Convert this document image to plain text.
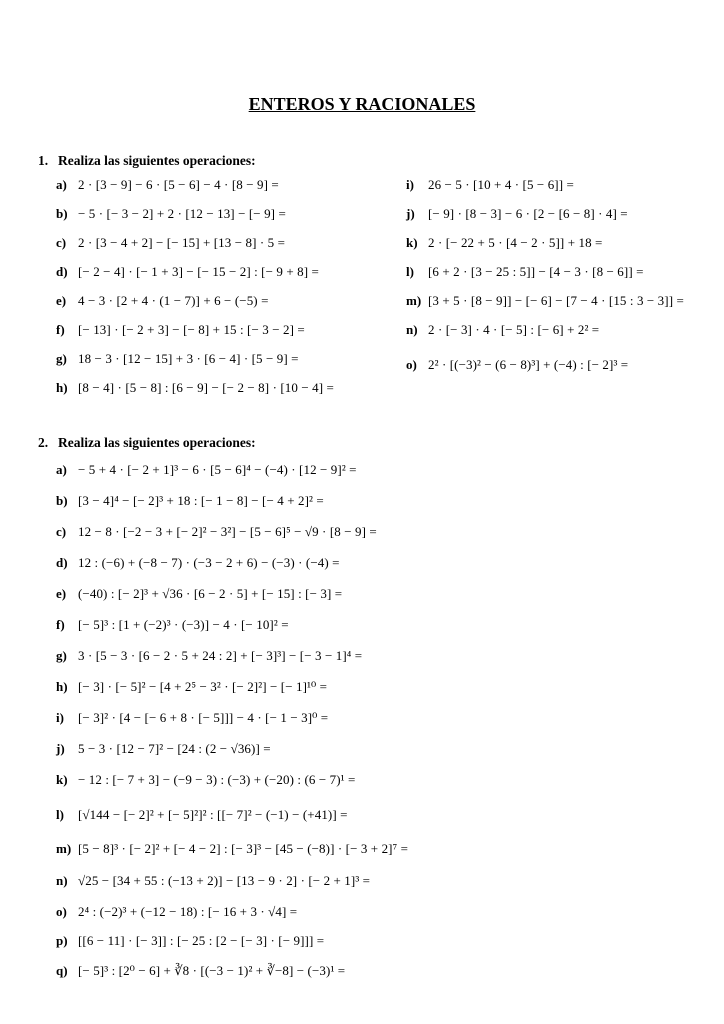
ENTEROS Y RACIONALES
1. Realiza las siguientes operaciones:
a) 2 · [3 − 9] − 6 · [5 − 6] − 4 · [8 − 9] =
b) − 5 · [− 3 − 2] + 2 · [12 − 13] − [− 9] =
c) 2 · [3 − 4 + 2] − [− 15] + [13 − 8] · 5 =
d) [− 2 − 4] · [− 1 + 3] − [− 15 − 2] : [− 9 + 8] =
e) 4 − 3 · [2 + 4 · (1 − 7)] + 6 − (−5) =
f) [− 13] · [− 2 + 3] − [− 8] + 15 : [− 3 − 2] =
g) 18 − 3 · [12 − 15] + 3 · [6 − 4] · [5 − 9] =
h) [8 − 4] · [5 − 8] : [6 − 9] − [− 2 − 8] · [10 − 4] =
i) 26 − 5 · [10 + 4 · [5 − 6]] =
j) [− 9] · [8 − 3] − 6 · [2 − [6 − 8] · 4] =
k) 2 · [− 22 + 5 · [4 − 2 · 5]] + 18 =
l) [6 + 2 · [3 − 25 : 5]] − [4 − 3 · [8 − 6]] =
m) [3 + 5 · [8 − 9]] − [− 6] − [7 − 4 · [15 : 3 − 3]] =
n) 2 · [− 3] · 4 · [− 5] : [− 6] + 2² =
o) 2² · [(−3)² − (6 − 8)³] + (−4) : [− 2]³ =
2. Realiza las siguientes operaciones:
a) − 5 + 4 · [− 2 + 1]³ − 6 · [5 − 6]⁴ − (−4) · [12 − 9]² =
b) [3 − 4]⁴ − [− 2]³ + 18 : [− 1 − 8] − [− 4 + 2]² =
c) 12 − 8 · [−2 − 3 + [− 2]² − 3²] − [5 − 6]⁵ − √9 · [8 − 9] =
d) 12 : (−6) + (−8 − 7) · (−3 − 2 + 6) − (−3) · (−4) =
e) (−40) : [− 2]³ + √36 · [6 − 2 · 5] + [− 15] : [− 3] =
f) [− 5]³ : [1 + (−2)³ · (−3)] − 4 · [− 10]² =
g) 3 · [5 − 3 · [6 − 2 · 5 + 24 : 2] + [− 3]³] − [− 3 − 1]⁴ =
h) [− 3] · [− 5]² − [4 + 2⁵ − 3² · [− 2]²] − [− 1]¹⁰ =
i) [− 3]² · [4 − [− 6 + 8 · [− 5]]] − 4 · [− 1 − 3]⁰ =
j) 5 − 3 · [12 − 7]² − [24 : (2 − √36)] =
k) − 12 : [− 7 + 3] − (−9 − 3) : (−3) + (−20) : (6 − 7)¹ =
l) [√144 − [− 2]² + [− 5]²]² : [[− 7]² − (−1) − (+41)] =
m) [5 − 8]³ · [− 2]² + [− 4 − 2] : [− 3]³ − [45 − (−8)] · [− 3 + 2]⁷ =
n) √25 − [34 + 55 : (−13 + 2)] − [13 − 9 · 2] · [− 2 + 1]³ =
o) 2⁴ : (−2)³ + (−12 − 18) : [− 16 + 3 · √4] =
p) [[6 − 11] · [− 3]] : [− 25 : [2 − [− 3] · [− 9]]] =
q) [− 5]³ : [2⁰ − 6] + ∛8 · [(−3 − 1)² + ∛−8] − (−3)¹ =
